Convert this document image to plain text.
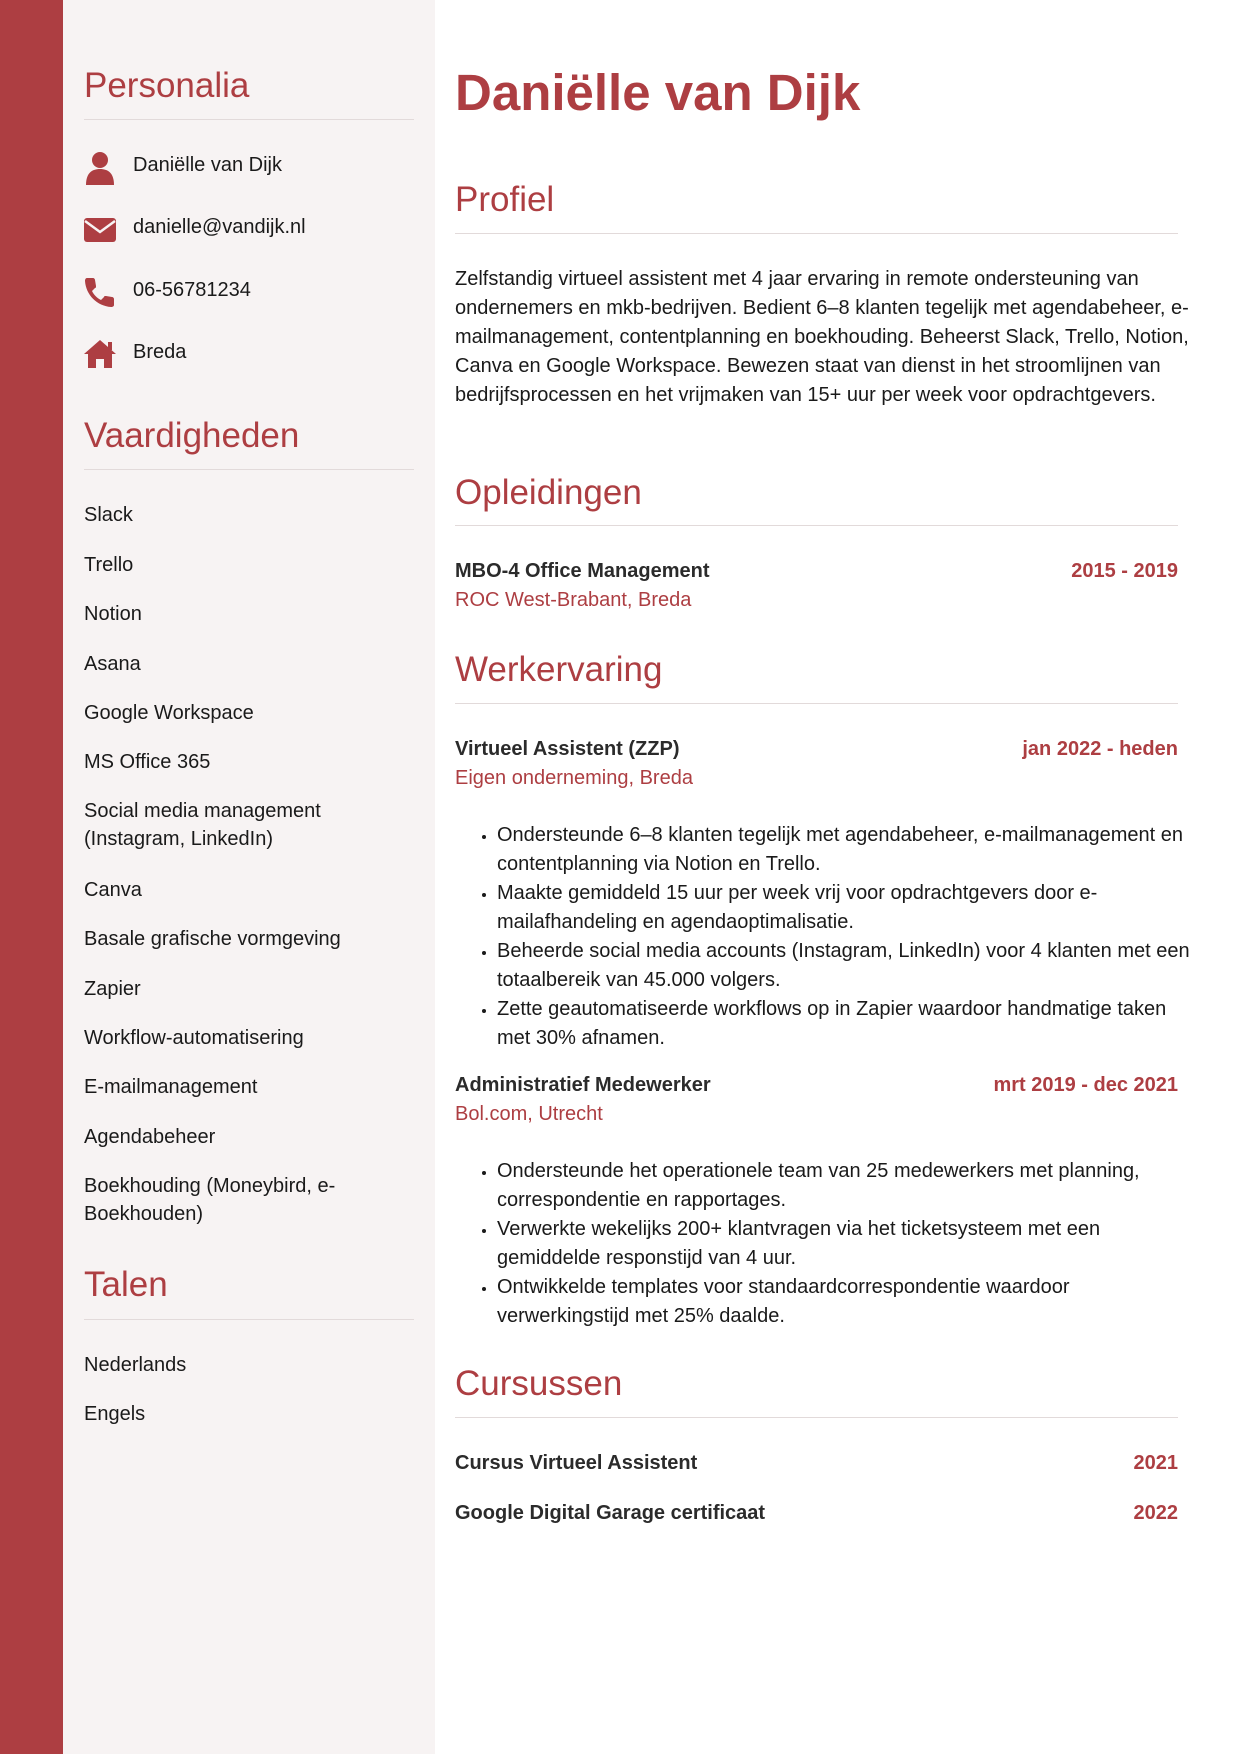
Personalia
Daniëlle van Dijk
danielle@vandijk.nl
06-56781234
Breda
Vaardigheden
Slack
Trello
Notion
Asana
Google Workspace
MS Office 365
Social media management (Instagram, LinkedIn)
Canva
Basale grafische vormgeving
Zapier
Workflow-automatisering
E-mailmanagement
Agendabeheer
Boekhouding (Moneybird, e-Boekhouden)
Talen
Nederlands
Engels
Daniëlle van Dijk
Profiel

Zelfstandig virtueel assistent met 4 jaar ervaring in remote ondersteuning van ondernemers en mkb-bedrijven. Bedient 6–8 klanten tegelijk met agendabeheer, e-mailmanagement, contentplanning en boekhouding. Beheerst Slack, Trello, Notion, Canva en Google Workspace. Bewezen staat van dienst in het stroomlijnen van bedrijfsprocessen en het vrijmaken van 15+ uur per week voor opdrachtgevers.

Opleidingen
MBO-4 Office Management	2015 - 2019
ROC West-Brabant, Breda
Werkervaring
Virtueel Assistent (ZZP)	jan 2022 - heden
Eigen onderneming, Breda
• Ondersteunde 6–8 klanten tegelijk met agendabeheer, e-mailmanagement en contentplanning via Notion en Trello.
• Maakte gemiddeld 15 uur per week vrij voor opdrachtgevers door e-mailafhandeling en agendaoptimalisatie.
• Beheerde social media accounts (Instagram, LinkedIn) voor 4 klanten met een totaalbereik van 45.000 volgers.
• Zette geautomatiseerde workflows op in Zapier waardoor handmatige taken met 30% afnamen.
Administratief Medewerker	mrt 2019 - dec 2021
Bol.com, Utrecht
• Ondersteunde het operationele team van 25 medewerkers met planning, correspondentie en rapportages.
• Verwerkte wekelijks 200+ klantvragen via het ticketsysteem met een gemiddelde responstijd van 4 uur.
• Ontwikkelde templates voor standaardcorrespondentie waardoor verwerkingstijd met 25% daalde.
Cursussen
Cursus Virtueel Assistent	2021
Google Digital Garage certificaat	2022
